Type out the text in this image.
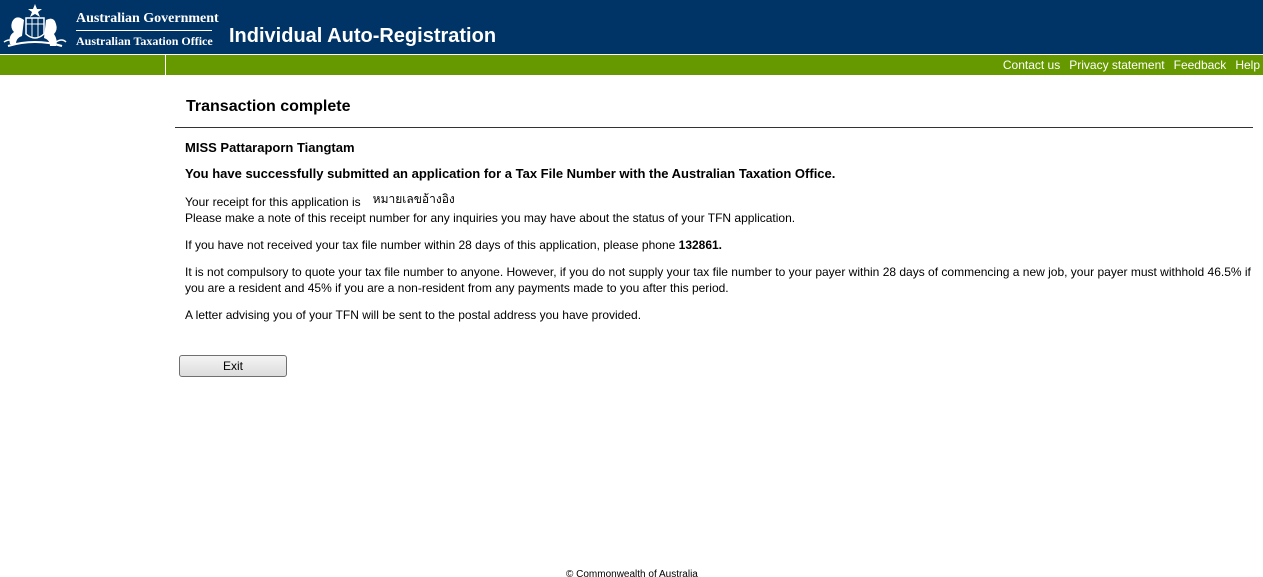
Australian Government
Australian Taxation Office Individual Auto-Registration
Contact us Privacy statement Feedback Help
Transaction complete
MISS Pattaraporn Tiangtam
You have successfully submitted an application for a Tax File Number with the Australian Taxation Office.
Your receipt for this application is หมายเลขอ้างอิง
Please make a note of this receipt number for any inquiries you may have about the status of your TFN application.
If you have not received your tax file number within 28 days of this application, please phone 132861.
It is not compulsory to quote your tax file number to anyone. However, if you do not supply your tax file number to your payer within 28 days of commencing a new job, your payer must withhold 46.5% if you are a resident and 45% if you are a non-resident from any payments made to you after this period.
A letter advising you of your TFN will be sent to the postal address you have provided.
Exit
© Commonwealth of Australia
